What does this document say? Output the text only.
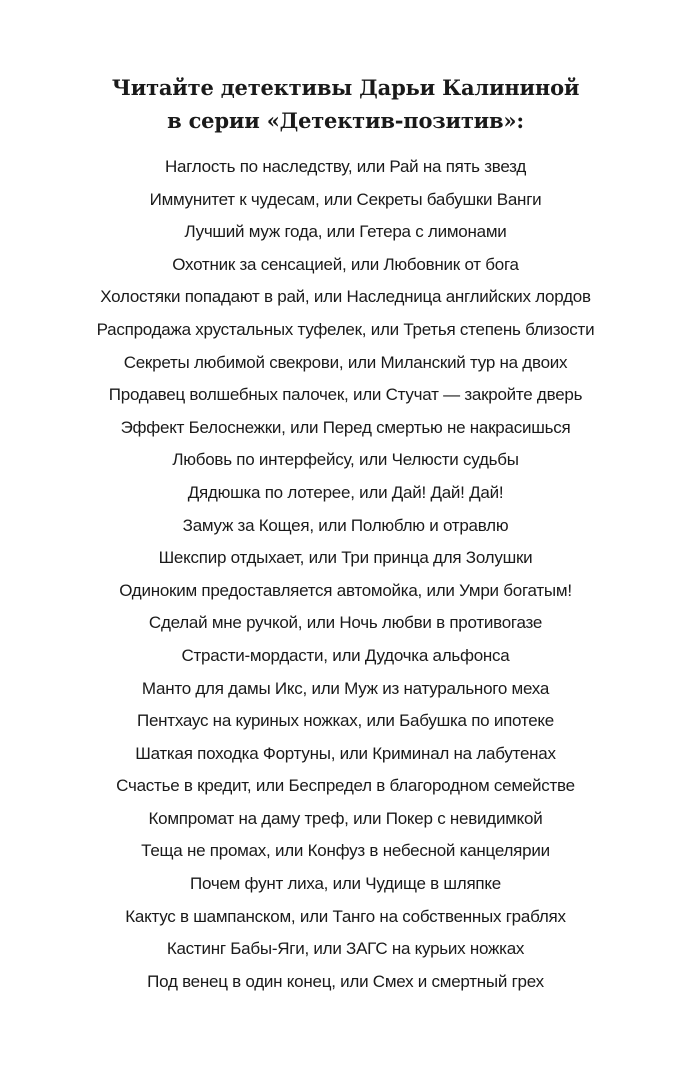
Читайте детективы Дарьи Калининой
в серии «Детектив-позитив»:
Наглость по наследству, или Рай на пять звезд
Иммунитет к чудесам, или Секреты бабушки Ванги
Лучший муж года, или Гетера с лимонами
Охотник за сенсацией, или Любовник от бога
Холостяки попадают в рай, или Наследница английских лордов
Распродажа хрустальных туфелек, или Третья степень близости
Секреты любимой свекрови, или Миланский тур на двоих
Продавец волшебных палочек, или Стучат — закройте дверь
Эффект Белоснежки, или Перед смертью не накрасишься
Любовь по интерфейсу, или Челюсти судьбы
Дядюшка по лотерее, или Дай! Дай! Дай!
Замуж за Кощея, или Полюблю и отравлю
Шекспир отдыхает, или Три принца для Золушки
Одиноким предоставляется автомойка, или Умри богатым!
Сделай мне ручкой, или Ночь любви в противогазе
Страсти-мордасти, или Дудочка альфонса
Манто для дамы Икс, или Муж из натурального меха
Пентхаус на куриных ножках, или Бабушка по ипотеке
Шаткая походка Фортуны, или Криминал на лабутенах
Счастье в кредит, или Беспредел в благородном семействе
Компромат на даму треф, или Покер с невидимкой
Теща не промах, или Конфуз в небесной канцелярии
Почем фунт лиха, или Чудище в шляпке
Кактус в шампанском, или Танго на собственных граблях
Кастинг Бабы-Яги, или ЗАГС на курьих ножках
Под венец в один конец, или Смех и смертный грех
